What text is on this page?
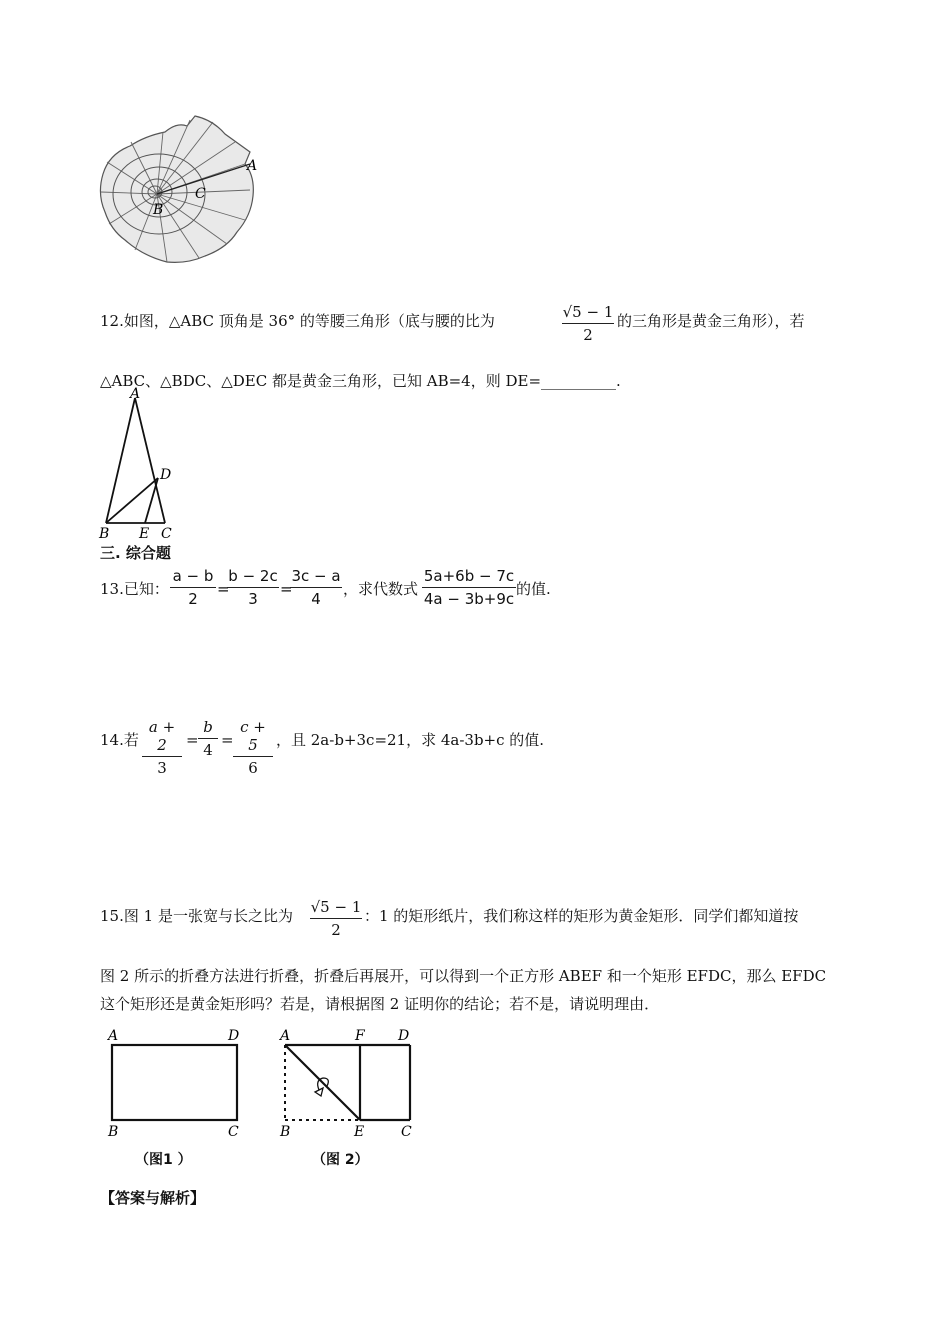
A
B
C
12.如图，△ABC 顶角是 36° 的等腰三角形（底与腰的比为	√5 − 1
2
的三角形是黄金三角形），若
△ABC、△BDC、△DEC 都是黄金三角形，已知 AB=4，则 DE=__________.
A
B	C
D
E
三. 综合题
13.已知：
a − b
2
=
b − 2c
3
=
3c − a
4
，求代数式
5a+6b − 7c
4a − 3b+9c
的值.
14.若
a + 2
3
=
b
4
=
c + 5
6
，且 2a-b+3c=21，求 4a-3b+c 的值.
15.图 1 是一张宽与长之比为 √5 − 1
2
：1 的矩形纸片，我们称这样的矩形为黄金矩形．同学们都知道按
图 2 所示的折叠方法进行折叠，折叠后再展开，可以得到一个正方形 ABEF 和一个矩形 EFDC，那么 EFDC
这个矩形还是黄金矩形吗？若是，请根据图 2 证明你的结论；若不是，请说明理由．
A	D
B	C
（图1 ）
A	F D
B	E	C
（图 2）
【答案与解析】
